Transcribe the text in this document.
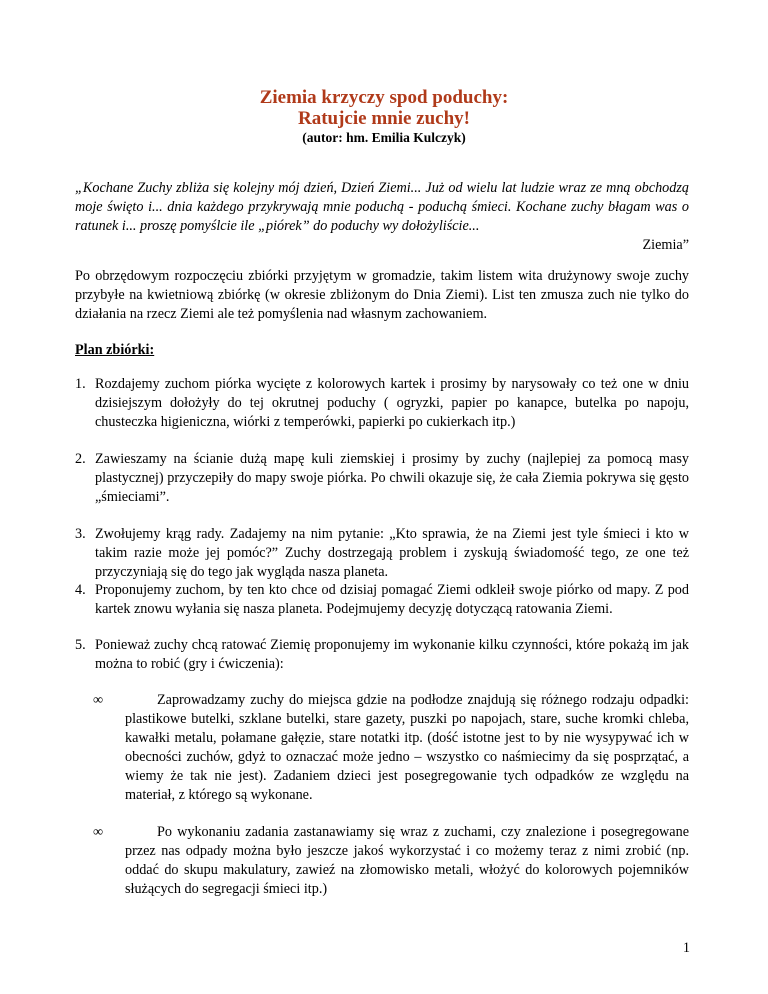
Ziemia krzyczy spod poduchy:
Ratujcie mnie zuchy!
(autor: hm. Emilia Kulczyk)
„Kochane Zuchy zbliża się kolejny mój dzień, Dzień Ziemi... Już od wielu lat ludzie wraz ze mną obchodzą moje święto i... dnia każdego przykrywają mnie poduchą - poduchą śmieci. Kochane zuchy błagam was o ratunek i... proszę pomyślcie ile „piórek” do poduchy wy dołożyliście...
Ziemia”
Po obrzędowym rozpoczęciu zbiórki przyjętym w gromadzie, takim listem wita drużynowy swoje zuchy przybyłe na kwietniową zbiórkę (w okresie zbliżonym do Dnia Ziemi). List ten zmusza zuch nie tylko do działania na rzecz Ziemi ale też pomyślenia nad własnym zachowaniem.
Plan zbiórki:
1. Rozdajemy zuchom piórka wycięte z kolorowych kartek i prosimy by narysowały co też one w dniu dzisiejszym dołożyły do tej okrutnej poduchy ( ogryzki, papier po kanapce, butelka po napoju, chusteczka higieniczna, wiórki z temperówki, papierki po cukierkach itp.)
2. Zawieszamy na ścianie dużą mapę kuli ziemskiej i prosimy by zuchy (najlepiej za pomocą masy plastycznej) przyczepiły do mapy swoje piórka. Po chwili okazuje się, że cała Ziemia pokrywa się gęsto „śmieciami”.
3. Zwołujemy krąg rady. Zadajemy na nim pytanie: „Kto sprawia, że na Ziemi jest tyle śmieci i kto w takim razie może jej pomóc?” Zuchy dostrzegają problem i zyskują świadomość tego, ze one też przyczyniają się do tego jak wygląda nasza planeta.
4. Proponujemy zuchom, by ten kto chce od dzisiaj pomagać Ziemi odkleił swoje piórko od mapy. Z pod kartek znowu wyłania się nasza planeta. Podejmujemy decyzję dotyczącą ratowania Ziemi.
5. Ponieważ zuchy chcą ratować Ziemię proponujemy im wykonanie kilku czynności, które pokażą im jak można to robić (gry i ćwiczenia):
∞	Zaprowadzamy zuchy do miejsca gdzie na podłodze znajdują się różnego rodzaju odpadki: plastikowe butelki, szklane butelki, stare gazety, puszki po napojach, stare, suche kromki chleba, kawałki metalu, połamane gałęzie, stare notatki itp. (dość istotne jest to by nie wysypywać ich w obecności zuchów, gdyż to oznaczać może jedno – wszystko co naśmiecimy da się posprzątać, a wiemy że tak nie jest). Zadaniem dzieci jest posegregowanie tych odpadków ze względu na materiał, z którego są wykonane.
∞	Po wykonaniu zadania zastanawiamy się wraz z zuchami, czy znalezione i posegregowane przez nas odpady można było jeszcze jakoś wykorzystać i co możemy teraz z nimi zrobić (np. oddać do skupu makulatury, zawieź na złomowisko metali, włożyć do kolorowych pojemników służących do segregacji śmieci itp.)
1
